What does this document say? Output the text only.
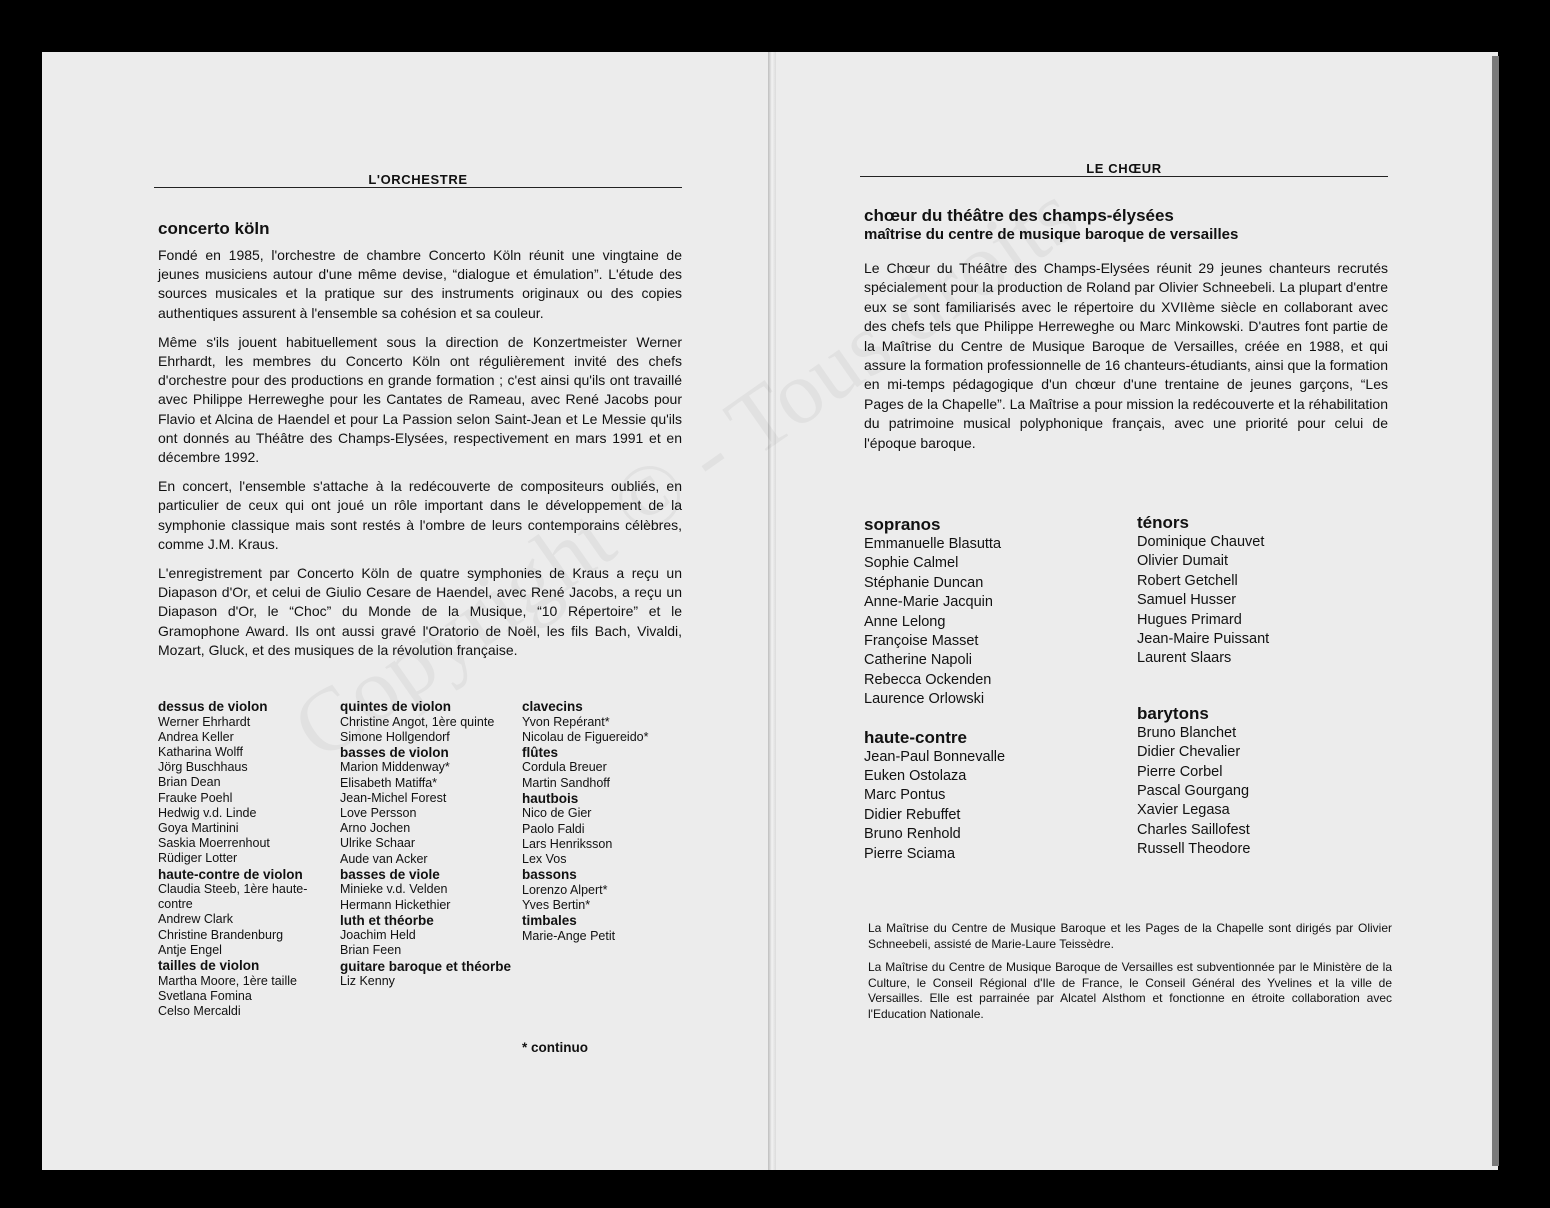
L'ORCHESTRE
concerto köln

Fondé en 1985, l'orchestre de chambre Concerto Köln réunit une vingtaine de jeunes musiciens autour d'une même devise, “dialogue et émulation”. L'étude des sources musicales et la pratique sur des instruments originaux ou des copies authentiques assurent à l'ensemble sa cohésion et sa couleur.

Même s'ils jouent habituellement sous la direction de Konzertmeister Werner Ehrhardt, les membres du Concerto Köln ont régulièrement invité des chefs d'orchestre pour des productions en grande formation ; c'est ainsi qu'ils ont travaillé avec Philippe Herreweghe pour les Cantates de Rameau, avec René Jacobs pour Flavio et Alcina de Haendel et pour La Passion selon Saint-Jean et Le Messie qu'ils ont donnés au Théâtre des Champs-Elysées, respectivement en mars 1991 et en décembre 1992.

En concert, l'ensemble s'attache à la redécouverte de compositeurs oubliés, en particulier de ceux qui ont joué un rôle important dans le développement de la symphonie classique mais sont restés à l'ombre de leurs contemporains célèbres, comme J.M. Kraus.

L'enregistrement par Concerto Köln de quatre symphonies de Kraus a reçu un Diapason d'Or, et celui de Giulio Cesare de Haendel, avec René Jacobs, a reçu un Diapason d'Or, le “Choc” du Monde de la Musique, “10 Répertoire” et le Gramophone Award. Ils ont aussi gravé l'Oratorio de Noël, les fils Bach, Vivaldi, Mozart, Gluck, et des musiques de la révolution française.

dessus de violon
Werner Ehrhardt
Andrea Keller
Katharina Wolff
Jörg Buschhaus
Brian Dean
Frauke Poehl
Hedwig v.d. Linde
Goya Martinini
Saskia Moerrenhout
Rüdiger Lotter
haute-contre de violon
Claudia Steeb, 1ère haute-contre
Andrew Clark
Christine Brandenburg
Antje Engel
tailles de violon
Martha Moore, 1ère taille
Svetlana Fomina
Celso Mercaldi
quintes de violon
Christine Angot, 1ère quinte
Simone Hollgendorf
basses de violon
Marion Middenway*
Elisabeth Matiffa*
Jean-Michel Forest
Love Persson
Arno Jochen
Ulrike Schaar
Aude van Acker
basses de viole
Minieke v.d. Velden
Hermann Hickethier
luth et théorbe
Joachim Held
Brian Feen
guitare baroque et théorbe
Liz Kenny
clavecins
Yvon Repérant*
Nicolau de Figuereido*
flûtes
Cordula Breuer
Martin Sandhoff
hautbois
Nico de Gier
Paolo Faldi
Lars Henriksson
Lex Vos
bassons
Lorenzo Alpert*
Yves Bertin*
timbales
Marie-Ange Petit
* continuo
LE CHŒUR
chœur du théâtre des champs-élysées
maîtrise du centre de musique baroque de versailles

Le Chœur du Théâtre des Champs-Elysées réunit 29 jeunes chanteurs recrutés spécialement pour la production de Roland par Olivier Schneebeli. La plupart d'entre eux se sont familiarisés avec le répertoire du XVIIème siècle en collaborant avec des chefs tels que Philippe Herreweghe ou Marc Minkowski. D'autres font partie de la Maîtrise du Centre de Musique Baroque de Versailles, créée en 1988, et qui assure la formation professionnelle de 16 chanteurs-étudiants, ainsi que la formation en mi-temps pédagogique d'un chœur d'une trentaine de jeunes garçons, “Les Pages de la Chapelle”. La Maîtrise a pour mission la redécouverte et la réhabilitation du patrimoine musical polyphonique français, avec une priorité pour celui de l'époque baroque.

sopranos
Emmanuelle Blasutta
Sophie Calmel
Stéphanie Duncan
Anne-Marie Jacquin
Anne Lelong
Françoise Masset
Catherine Napoli
Rebecca Ockenden
Laurence Orlowski
haute-contre
Jean-Paul Bonnevalle
Euken Ostolaza
Marc Pontus
Didier Rebuffet
Bruno Renhold
Pierre Sciama
ténors
Dominique Chauvet
Olivier Dumait
Robert Getchell
Samuel Husser
Hugues Primard
Jean-Maire Puissant
Laurent Slaars
barytons
Bruno Blanchet
Didier Chevalier
Pierre Corbel
Pascal Gourgang
Xavier Legasa
Charles Saillofest
Russell Theodore

La Maîtrise du Centre de Musique Baroque et les Pages de la Chapelle sont dirigés par Olivier Schneebeli, assisté de Marie-Laure Teissèdre.

La Maîtrise du Centre de Musique Baroque de Versailles est subventionnée par le Ministère de la Culture, le Conseil Régional d'Ile de France, le Conseil Général des Yvelines et la ville de Versailles. Elle est parrainée par Alcatel Alsthom et fonctionne en étroite collaboration avec l'Education Nationale.
